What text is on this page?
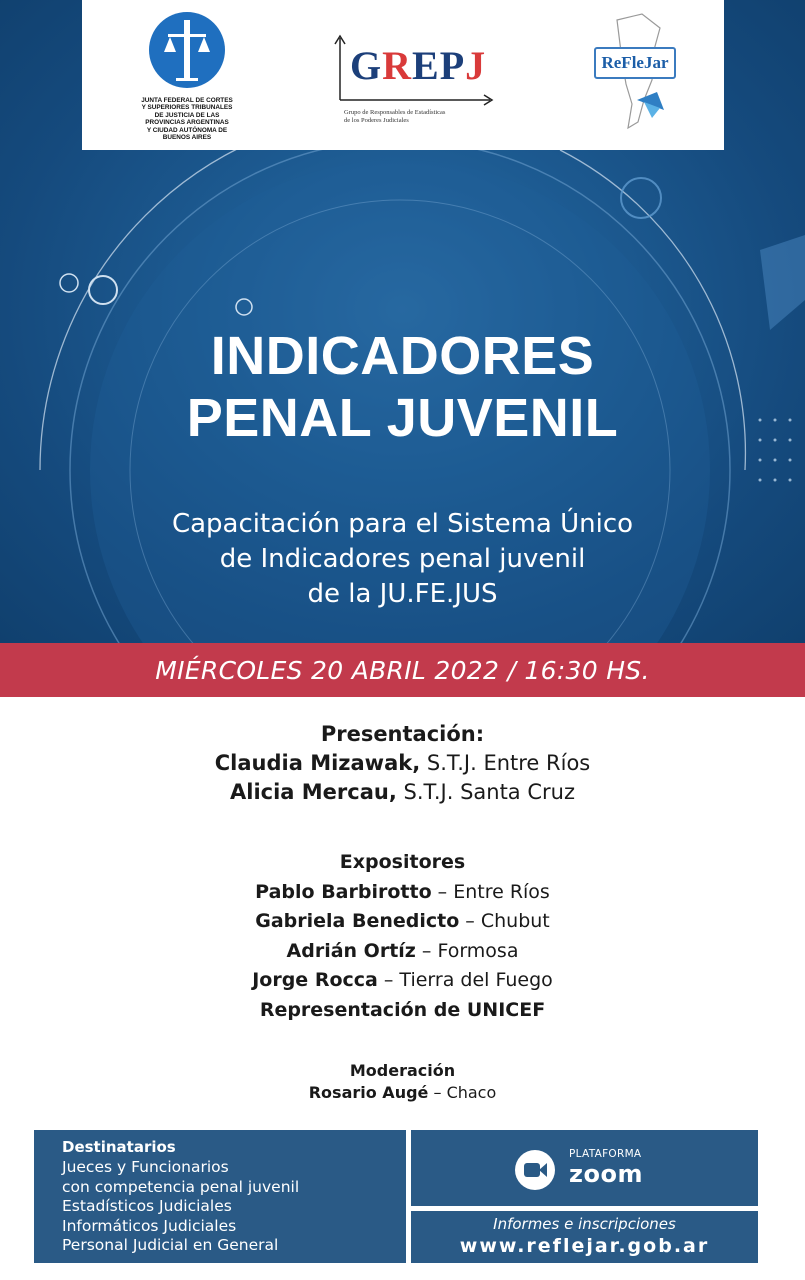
JUNTA FEDERAL DE CORTES
Y SUPERIORES TRIBUNALES
DE JUSTICIA DE LAS
PROVINCIAS ARGENTINAS
Y CIUDAD AUTÓNOMA DE
BUENOS AIRES
GREPJ
Grupo de Responsables de Estadísticas
de los Poderes Judiciales
ReFleJar
INDICADORES
PENAL JUVENIL
Capacitación para el Sistema Único
de Indicadores penal juvenil
de la JU.FE.JUS
MIÉRCOLES 20 ABRIL 2022 / 16:30 HS.
Presentación:
Claudia Mizawak, S.T.J. Entre Ríos
Alicia Mercau, S.T.J. Santa Cruz
Expositores
Pablo Barbirotto – Entre Ríos
Gabriela Benedicto – Chubut
Adrián Ortíz – Formosa
Jorge Rocca – Tierra del Fuego
Representación de UNICEF
Moderación
Rosario Augé – Chaco
Destinatarios
Jueces y Funcionarios
con competencia penal juvenil
Estadísticos Judiciales
Informáticos Judiciales
Personal Judicial en General
PLATAFORMA
zoom
Informes e inscripciones
www.reflejar.gob.ar
